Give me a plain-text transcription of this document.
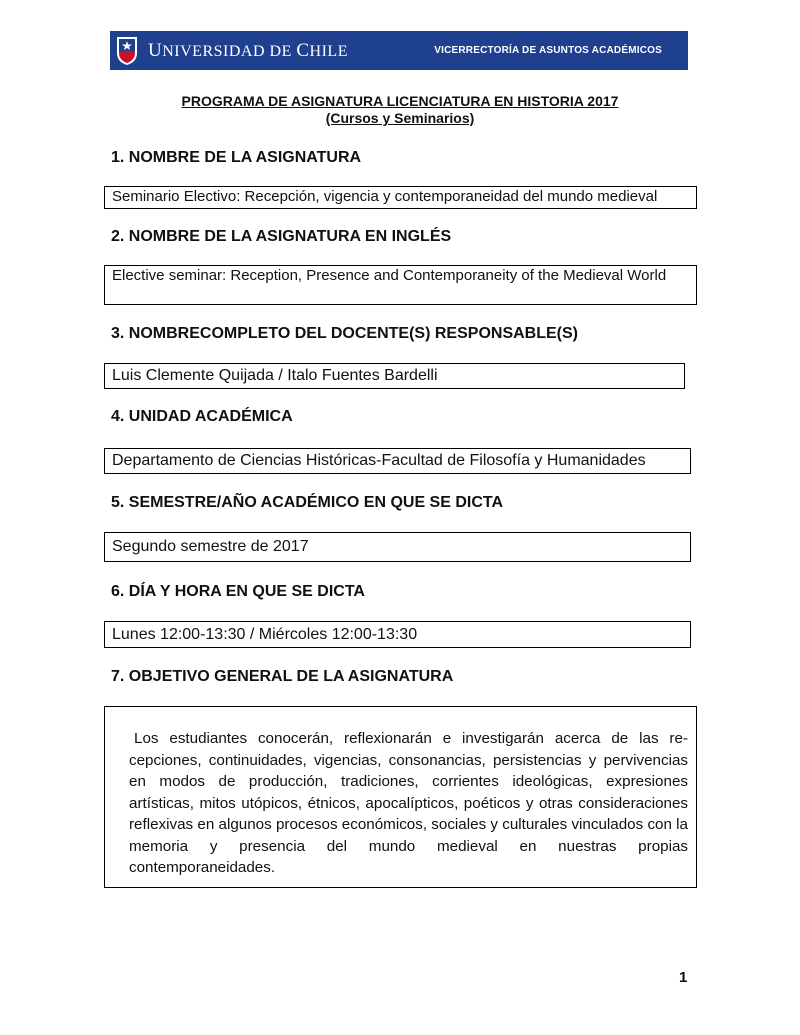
UNIVERSIDAD DE CHILE	VICERRECTORÍA DE ASUNTOS ACADÉMICOS
PROGRAMA DE ASIGNATURA LICENCIATURA EN HISTORIA 2017
(Cursos y Seminarios)
1. NOMBRE DE LA ASIGNATURA
Seminario Electivo: Recepción, vigencia y contemporaneidad del mundo medieval
2. NOMBRE DE LA ASIGNATURA EN INGLÉS
Elective seminar: Reception, Presence and Contemporaneity of the Medieval World
3. NOMBRECOMPLETO DEL DOCENTE(S) RESPONSABLE(S)
Luis Clemente Quijada / Italo Fuentes Bardelli
4. UNIDAD ACADÉMICA
Departamento de Ciencias Históricas-Facultad de Filosofía y Humanidades
5. SEMESTRE/AÑO ACADÉMICO EN QUE SE DICTA
Segundo semestre de 2017
6. DÍA Y HORA EN QUE SE DICTA
Lunes 12:00-13:30 / Miércoles 12:00-13:30
7. OBJETIVO GENERAL DE LA ASIGNATURA

Los estudiantes conocerán, reflexionarán e investigarán acerca de las recepciones, continuidades, vigencias, consonancias, persistencias y pervivencias en modos de producción, tradiciones, corrientes ideológicas, expresiones artísticas, mitos utópicos, étnicos, apocalípticos, poéticos y otras consideraciones reflexivas en algunos procesos económicos, sociales y culturales vinculados con la memoria y presencia del mundo medieval en nuestras propias contemporaneidades.

1
